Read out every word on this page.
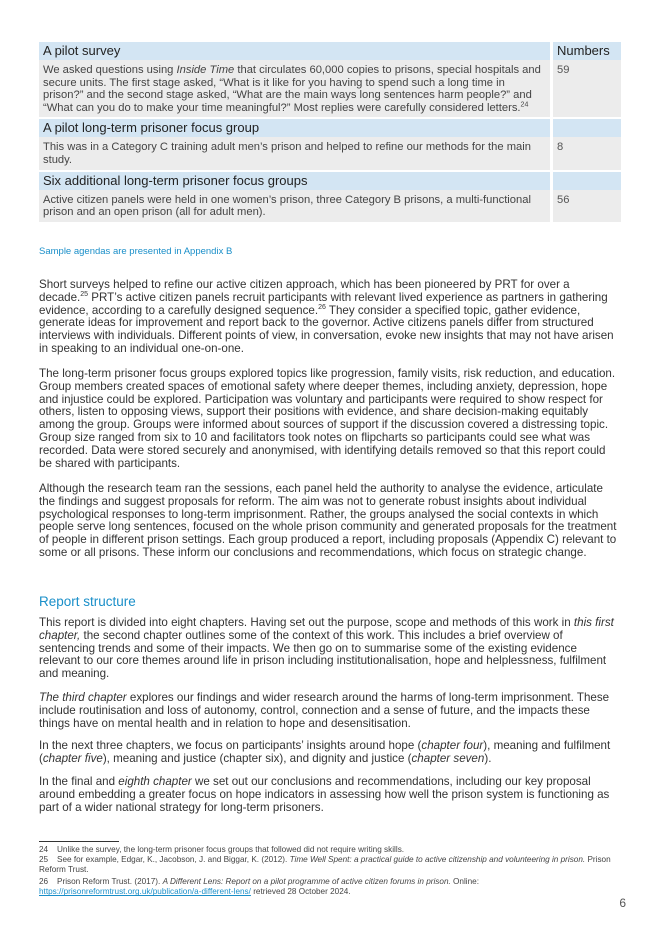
A pilot survey	Numbers
We asked questions using Inside Time that circulates 60,000 copies to prisons, special hospitals and secure units. The first stage asked, “What is it like for you having to spend such a long time in prison?” and the second stage asked, “What are the main ways long sentences harm people?” and “What can you do to make your time meaningful?” Most replies were carefully considered letters.$^{24}$	59
A pilot long-term prisoner focus group	
This was in a Category C training adult men’s prison and helped to refine our methods for the main study.	8
Six additional long-term prisoner focus groups	
Active citizen panels were held in one women’s prison, three Category B prisons, a multi-functional prison and an open prison (all for adult men).	56
Sample agendas are presented in Appendix B

Short surveys helped to refine our active citizen approach, which has been pioneered by PRT for over a decade.$^{25}$ PRT’s active citizen panels recruit participants with relevant lived experience as partners in gathering evidence, according to a carefully designed sequence.$^{26}$ They consider a specified topic, gather evidence, generate ideas for improvement and report back to the governor. Active citizens panels differ from structured interviews with individuals. Different points of view, in conversation, evoke new insights that may not have arisen in speaking to an individual one-on-one.

The long-term prisoner focus groups explored topics like progression, family visits, risk reduction, and education. Group members created spaces of emotional safety where deeper themes, including anxiety, depression, hope and injustice could be explored. Participation was voluntary and participants were required to show respect for others, listen to opposing views, support their positions with evidence, and share decision-making equitably among the group. Groups were informed about sources of support if the discussion covered a distressing topic. Group size ranged from six to 10 and facilitators took notes on flipcharts so participants could see what was recorded. Data were stored securely and anonymised, with identifying details removed so that this report could be shared with participants.

Although the research team ran the sessions, each panel held the authority to analyse the evidence, articulate the findings and suggest proposals for reform. The aim was not to generate robust insights about individual psychological responses to long-term imprisonment. Rather, the groups analysed the social contexts in which people serve long sentences, focused on the whole prison community and generated proposals for the treatment of people in different prison settings. Each group produced a report, including proposals (Appendix C) relevant to some or all prisons. These inform our conclusions and recommendations, which focus on strategic change.

Report structure

This report is divided into eight chapters. Having set out the purpose, scope and methods of this work in this first chapter, the second chapter outlines some of the context of this work. This includes a brief overview of sentencing trends and some of their impacts. We then go on to summarise some of the existing evidence relevant to our core themes around life in prison including institutionalisation, hope and helplessness, fulfilment and meaning.

The third chapter explores our findings and wider research around the harms of long-term imprisonment. These include routinisation and loss of autonomy, control, connection and a sense of future, and the impacts these things have on mental health and in relation to hope and desensitisation.

In the next three chapters, we focus on participants’ insights around hope (chapter four), meaning and fulfilment (chapter five), meaning and justice (chapter six), and dignity and justice (chapter seven).

In the final and eighth chapter we set out our conclusions and recommendations, including our key proposal around embedding a greater focus on hope indicators in assessing how well the prison system is functioning as part of a wider national strategy for long-term prisoners.

24 Unlike the survey, the long-term prisoner focus groups that followed did not require writing skills.
25 See for example, Edgar, K., Jacobson, J. and Biggar, K. (2012). Time Well Spent: a practical guide to active citizenship and volunteering in prison. Prison Reform Trust.
26 Prison Reform Trust. (2017). A Different Lens: Report on a pilot programme of active citizen forums in prison. Online: https://prisonreformtrust.org.uk/publication/a-different-lens/ retrieved 28 October 2024.
6
